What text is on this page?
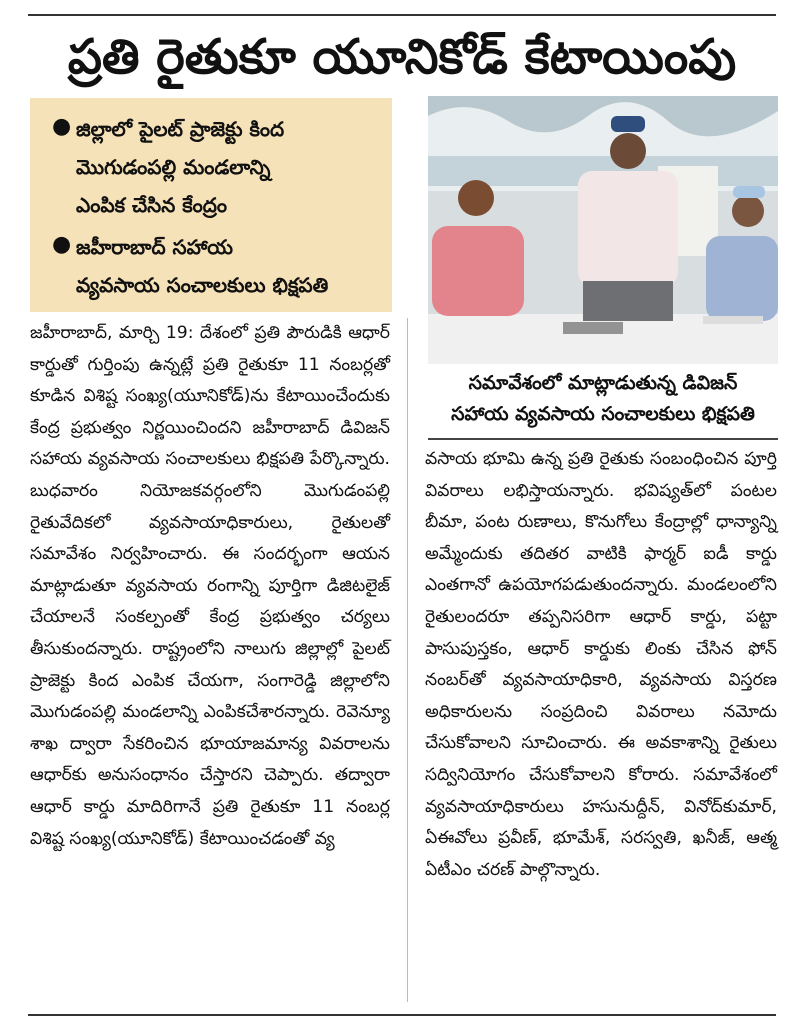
ప్రతి రైతుకూ యూనికోడ్‌ కేటాయింపు
● జిల్లాలో పైలట్‌ ప్రాజెక్టు కింద
మొగుడంపల్లి మండలాన్ని
ఎంపిక చేసిన కేంద్రం
● జహీరాబాద్‌ సహాయ
వ్యవసాయ సంచాలకులు భిక్షపతి

జహీరాబాద్‌, మార్చి 19: దేశంలో ప్రతి పౌరుడికి ఆధార్‌ కార్డుతో గుర్తింపు ఉన్నట్లే ప్రతి రైతుకూ 11 నంబర్లతో కూడిన విశిష్ట సంఖ్య(యూనికోడ్‌)ను కేటాయించేందుకు కేంద్ర ప్రభుత్వం నిర్ణయించిందని జహీరాబాద్‌ డివిజన్‌ సహాయ వ్యవసాయ సంచాలకులు భిక్షపతి పేర్కొన్నారు. బుధవారం నియోజకవర్గంలోని మొగుడంపల్లి రైతువేదికలో వ్యవసాయాధికారులు, రైతులతో సమావేశం నిర్వహించారు. ఈ సందర్భంగా ఆయన మాట్లాడుతూ వ్యవసాయ రంగాన్ని పూర్తిగా డిజిటలైజ్‌ చేయాలనే సంకల్పంతో కేంద్ర ప్రభుత్వం చర్యలు తీసుకుందన్నారు. రాష్ట్రంలోని నాలుగు జిల్లాల్లో పైలట్‌ ప్రాజెక్టు కింద ఎంపిక చేయగా, సంగారెడ్డి జిల్లాలోని మొగుడంపల్లి మండలాన్ని ఎంపికచేశారన్నారు. రెవెన్యూ శాఖ ద్వారా సేకరించిన భూయాజమాన్య వివరాలను ఆధార్‌కు అనుసంధానం చేస్తారని చెప్పారు. తద్వారా ఆధార్‌ కార్డు మాదిరిగానే ప్రతి రైతుకూ 11 నంబర్ల విశిష్ట సంఖ్య(యూనికోడ్‌) కేటాయించడంతో వ్య

సమావేశంలో మాట్లాడుతున్న డివిజన్‌
సహాయ వ్యవసాయ సంచాలకులు భిక్షపతి

వసాయ భూమి ఉన్న ప్రతి రైతుకు సంబంధించిన పూర్తి వివరాలు లభిస్తాయన్నారు. భవిష్యత్‌లో పంటల బీమా, పంట రుణాలు, కొనుగోలు కేంద్రాల్లో ధాన్యాన్ని అమ్మేందుకు తదితర వాటికి ఫార్మర్‌ ఐడీ కార్డు ఎంతగానో ఉపయోగపడుతుందన్నారు. మండలంలోని రైతులందరూ తప్పనిసరిగా ఆధార్‌ కార్డు, పట్టా పాసుపుస్తకం, ఆధార్‌ కార్డుకు లింకు చేసిన ఫోన్‌ నంబర్‌తో వ్యవసాయాధికారి, వ్యవసాయ విస్తరణ అధికారులను సంప్రదించి వివరాలు నమోదు చేసుకోవాలని సూచించారు. ఈ అవకాశాన్ని రైతులు సద్వినియోగం చేసుకోవాలని కోరారు. సమావేశంలో వ్యవసాయాధికారులు హసునుద్దీన్‌, వినోద్‌కుమార్‌, ఏఈవోలు ప్రవీణ్‌, భూమేశ్‌, సరస్వతి, ఖనీజ్‌, ఆత్మ ఏటీఎం చరణ్‌ పాల్గొన్నారు.
